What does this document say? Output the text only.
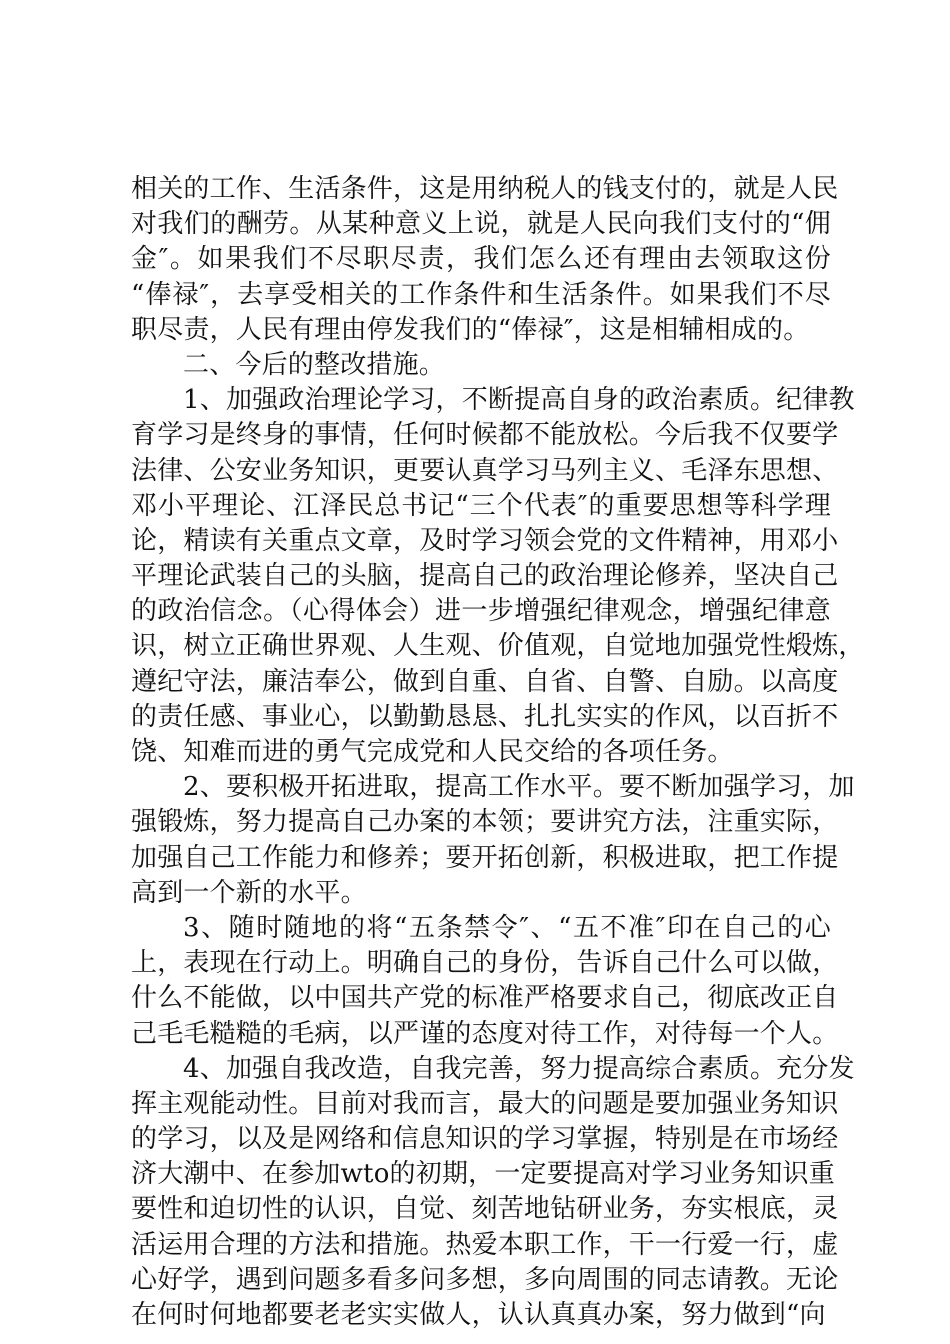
相关的工作、生活条件，这是用纳税人的钱支付的，就是人民
对我们的酬劳。从某种意义上说，就是人民向我们支付的“佣
金″。如果我们不尽职尽责，我们怎么还有理由去领取这份
“俸禄″，去享受相关的工作条件和生活条件。如果我们不尽
职尽责，人民有理由停发我们的“俸禄″，这是相辅相成的。
二、今后的整改措施。
1、加强政治理论学习，不断提高自身的政治素质。纪律教
育学习是终身的事情，任何时候都不能放松。今后我不仅要学
法律、公安业务知识，更要认真学习马列主义、毛泽东思想、
邓小平理论、江泽民总书记“三个代表″的重要思想等科学理
论，精读有关重点文章，及时学习领会党的文件精神，用邓小
平理论武装自己的头脑，提高自己的政治理论修养，坚决自己
的政治信念。（心得体会）进一步增强纪律观念，增强纪律意
识，树立正确世界观、人生观、价值观，自觉地加强党性煅炼，
遵纪守法，廉洁奉公，做到自重、自省、自警、自励。以高度
的责任感、事业心，以勤勤恳恳、扎扎实实的作风，以百折不
饶、知难而进的勇气完成党和人民交给的各项任务。
2、要积极开拓进取，提高工作水平。要不断加强学习，加
强锻炼，努力提高自己办案的本领；要讲究方法，注重实际，
加强自己工作能力和修养；要开拓创新，积极进取，把工作提
高到一个新的水平。
3、随时随地的将“五条禁令″、“五不准″印在自己的心
上，表现在行动上。明确自己的身份，告诉自己什么可以做，
什么不能做，以中国共产党的标准严格要求自己，彻底改正自
己毛毛糙糙的毛病，以严谨的态度对待工作，对待每一个人。
4、加强自我改造，自我完善，努力提高综合素质。充分发
挥主观能动性。目前对我而言，最大的问题是要加强业务知识
的学习，以及是网络和信息知识的学习掌握，特别是在市场经
济大潮中、在参加wto的初期，一定要提高对学习业务知识重
要性和迫切性的认识，自觉、刻苦地钻研业务，夯实根底，灵
活运用合理的方法和措施。热爱本职工作，干一行爱一行，虚
心好学，遇到问题多看多问多想，多向周围的同志请教。无论
在何时何地都要老老实实做人，认认真真办案，努力做到“向
